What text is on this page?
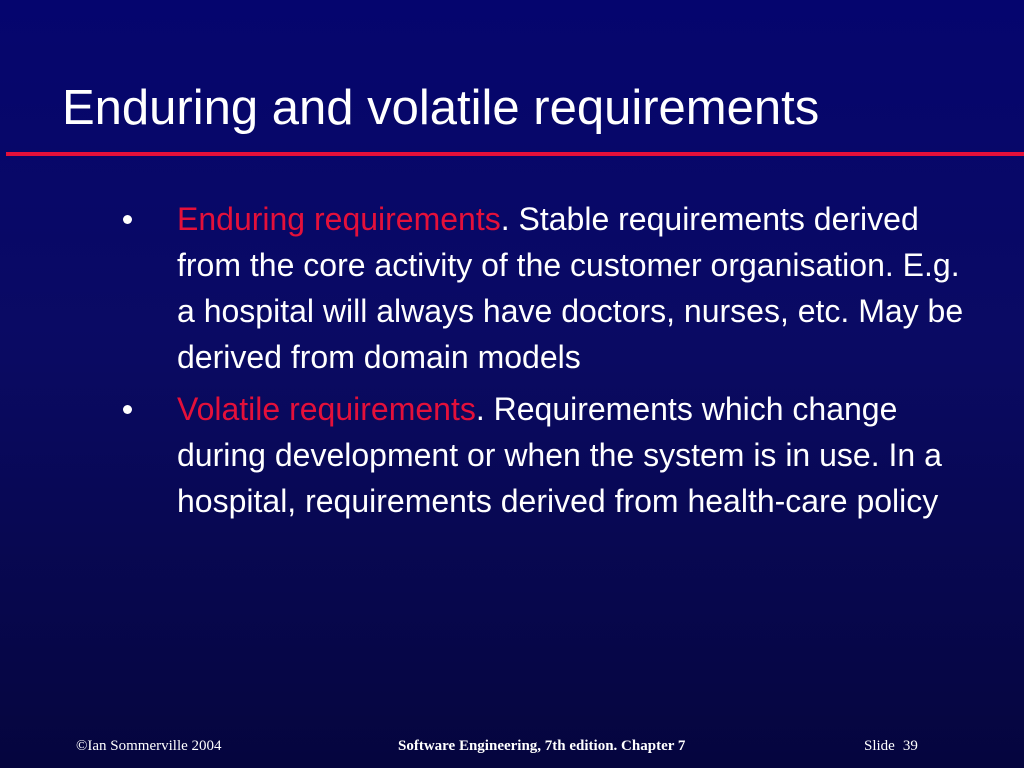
Enduring and volatile requirements
Enduring requirements. Stable requirements derived from the core activity of the customer organisation. E.g. a hospital will always have doctors, nurses, etc. May be derived from domain models
Volatile requirements. Requirements which change during development or when the system is in use. In a hospital, requirements derived from health-care policy
©Ian Sommerville 2004	Software Engineering, 7th edition. Chapter 7	Slide 39
